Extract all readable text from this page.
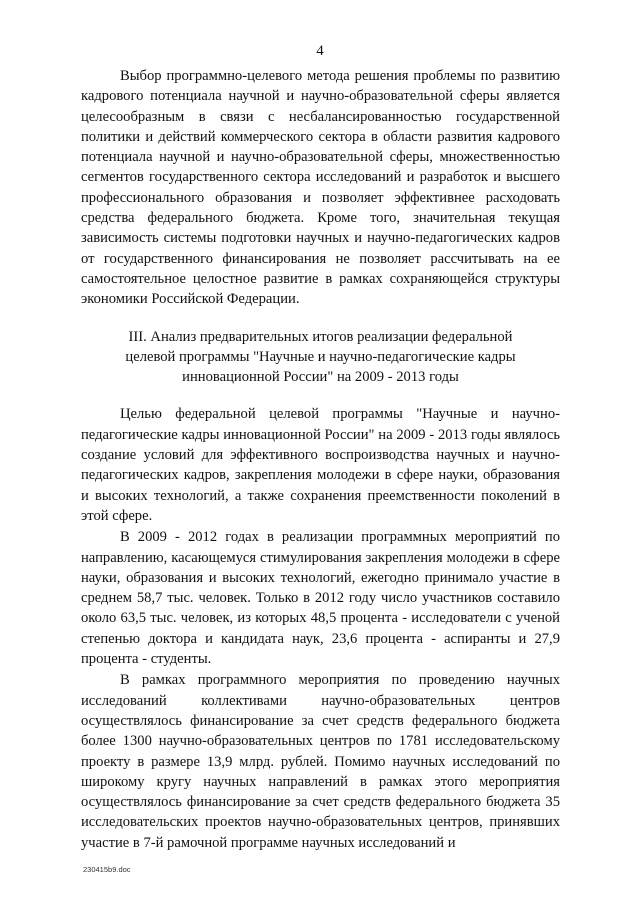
4

Выбор программно-целевого метода решения проблемы по развитию кадрового потенциала научной и научно-образовательной сферы является целесообразным в связи с несбалансированностью государственной политики и действий коммерческого сектора в области развития кадрового потенциала научной и научно-образовательной сферы, множественностью сегментов государственного сектора исследований и разработок и высшего профессионального образования и позволяет эффективнее расходовать средства федерального бюджета. Кроме того, значительная текущая зависимость системы подготовки научных и научно-педагогических кадров от государственного финансирования не позволяет рассчитывать на ее самостоятельное целостное развитие в рамках сохраняющейся структуры экономики Российской Федерации.

III. Анализ предварительных итогов реализации федеральной
целевой программы "Научные и научно-педагогические кадры
инновационной России" на 2009 - 2013 годы

Целью федеральной целевой программы "Научные и научно-педагогические кадры инновационной России" на 2009 - 2013 годы являлось создание условий для эффективного воспроизводства научных и научно-педагогических кадров, закрепления молодежи в сфере науки, образования и высоких технологий, а также сохранения преемственности поколений в этой сфере.

В 2009 - 2012 годах в реализации программных мероприятий по направлению, касающемуся стимулирования закрепления молодежи в сфере науки, образования и высоких технологий, ежегодно принимало участие в среднем 58,7 тыс. человек. Только в 2012 году число участников составило около 63,5 тыс. человек, из которых 48,5 процента - исследователи с ученой степенью доктора и кандидата наук, 23,6 процента - аспиранты и 27,9 процента - студенты.

В рамках программного мероприятия по проведению научных исследований коллективами научно-образовательных центров осуществлялось финансирование за счет средств федерального бюджета более 1300 научно-образовательных центров по 1781 исследовательскому проекту в размере 13,9 млрд. рублей. Помимо научных исследований по широкому кругу научных направлений в рамках этого мероприятия осуществлялось финансирование за счет средств федерального бюджета 35 исследовательских проектов научно-образовательных центров, принявших участие в 7-й рамочной программе научных исследований и

230415b9.doc
